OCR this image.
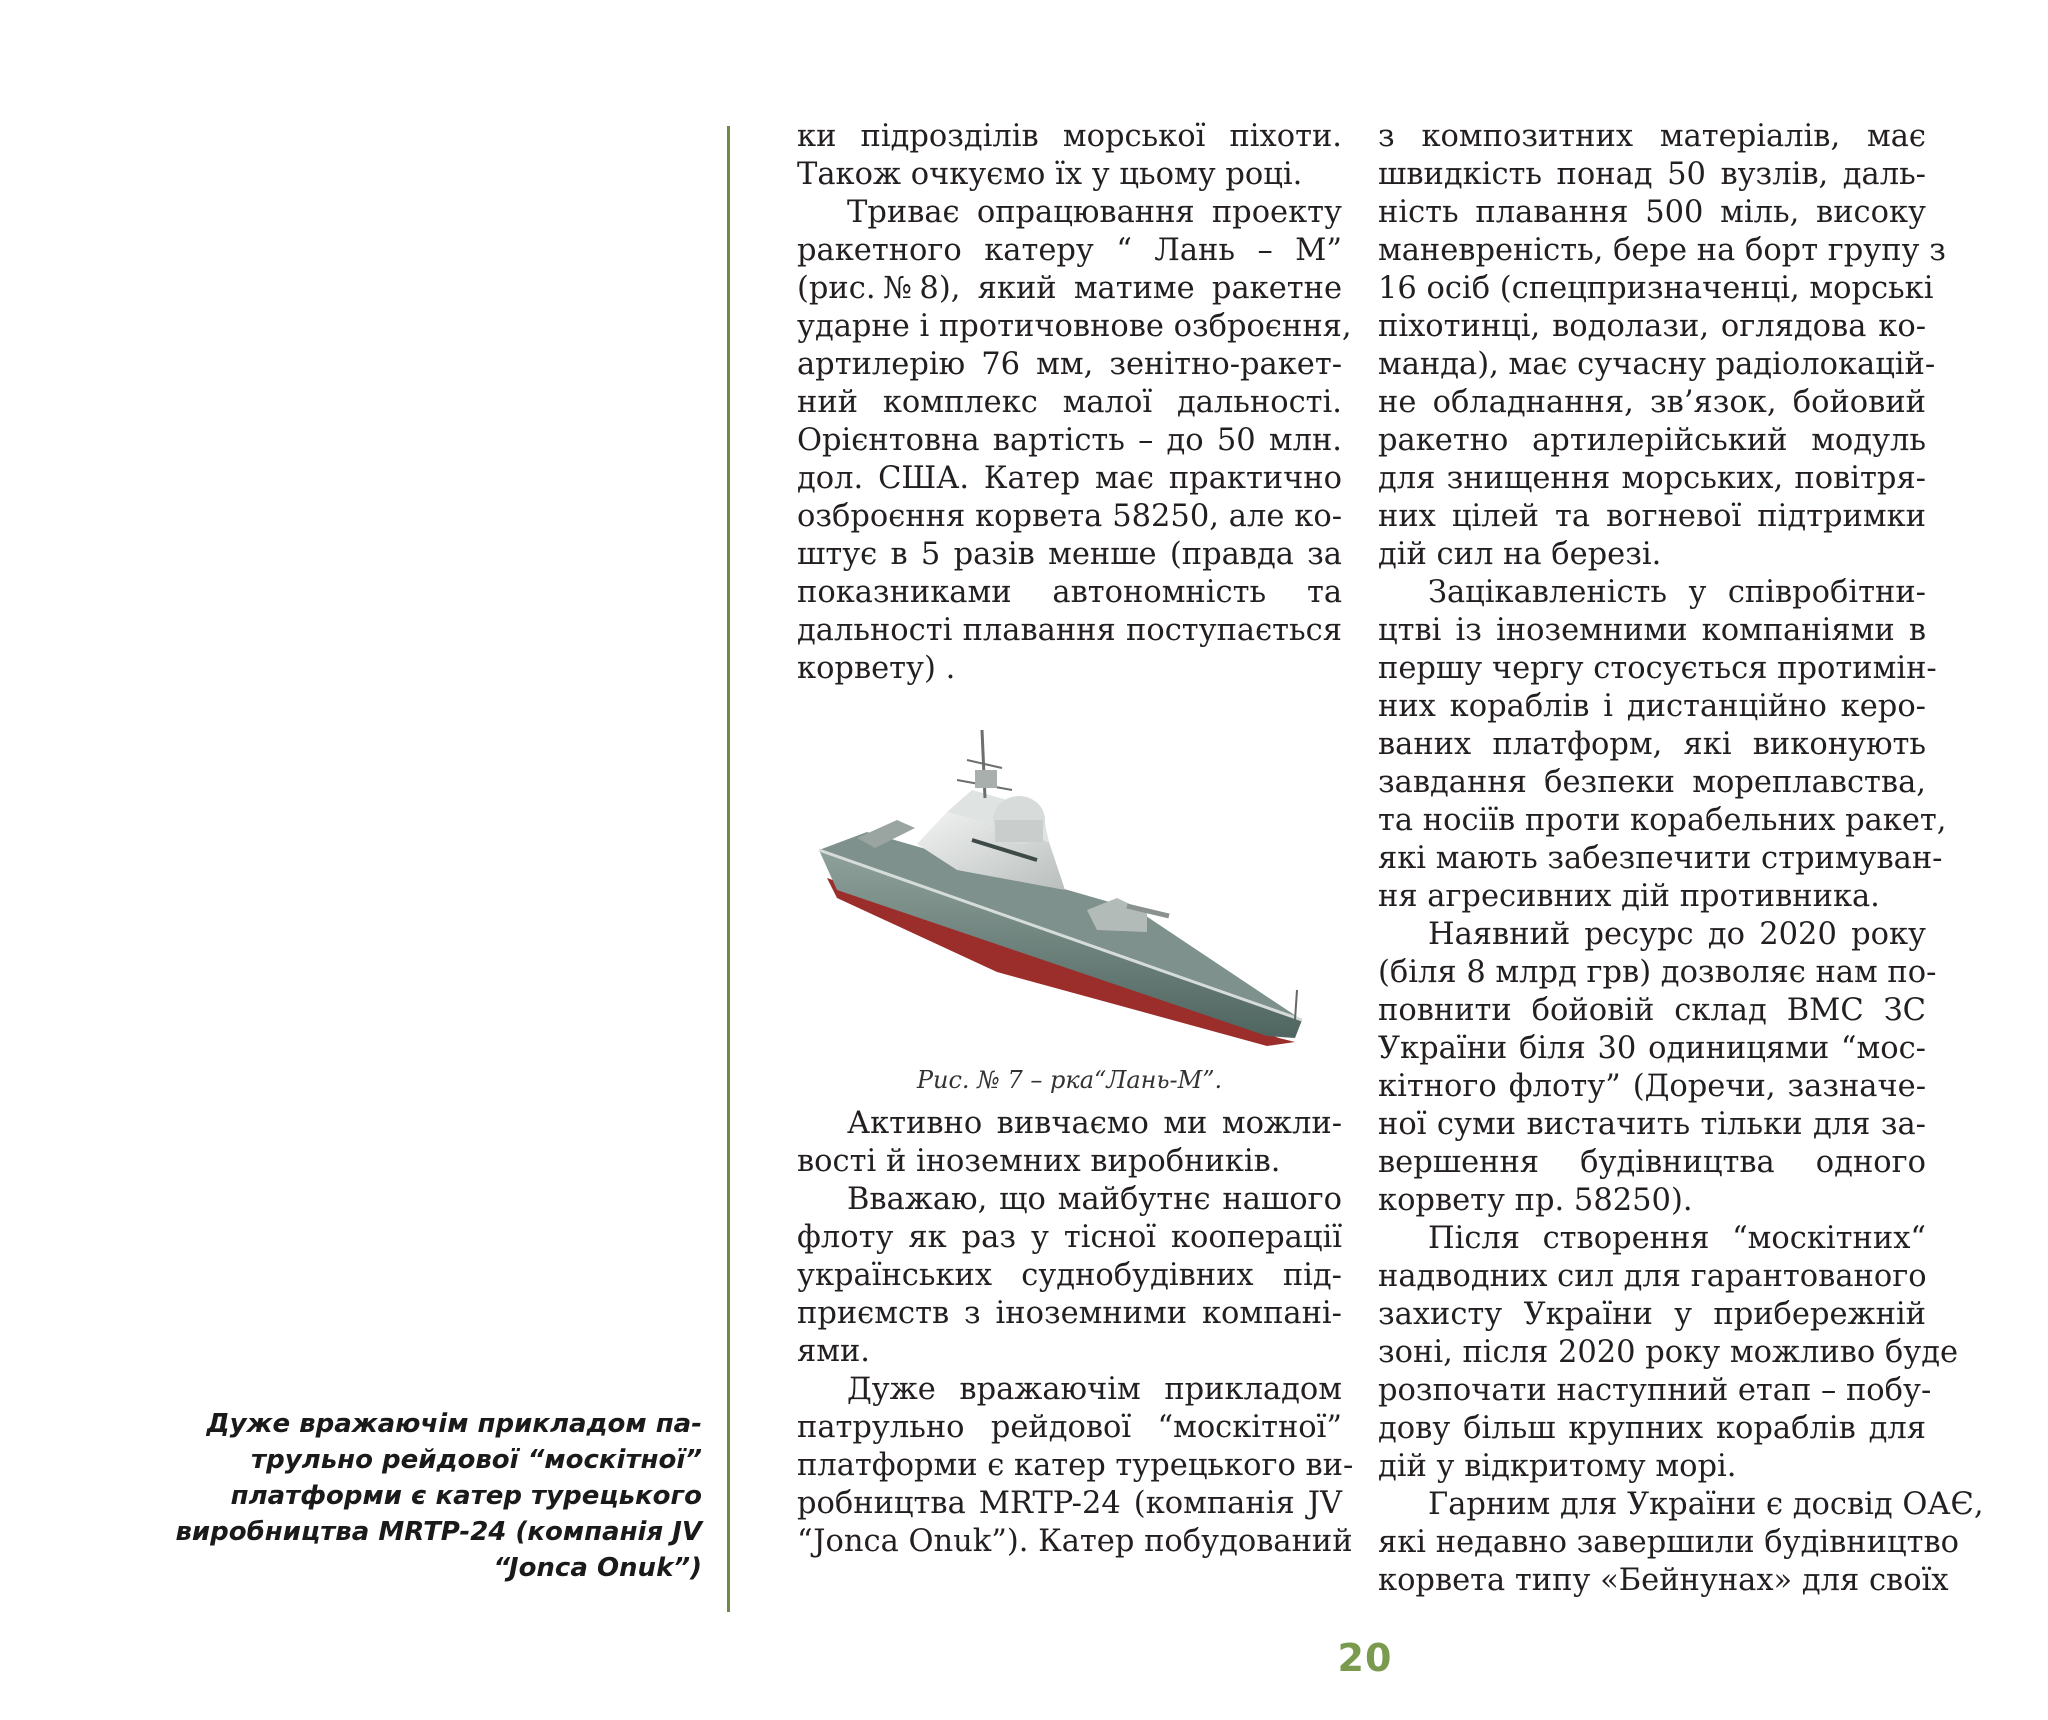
Дуже вражаючім прикладом па-
трульно рейдової “москітної”
платформи є катер турецького
виробництва MRTP-24 (компанія JV
“Jonca Onuk”)
ки підрозділів морської піхоти.
Також очкуємо їх у цьому році.
Триває опрацювання проекту
ракетного катеру “ Лань – М”
(рис.№8), який матиме ракетне
ударне і протичовнове озброєння,
артилерію 76 мм, зенітно-ракет-
ний комплекс малої дальності.
Орієнтовна вартість – до 50 млн.
дол. США. Катер має практично
озброєння корвета 58250, але ко-
штує в 5 разів менше (правда за
показниками автономність та
дальності плавання поступається
корвету) .
Рис. № 7 – рка“Лань-М”.
Активно вивчаємо ми можли-
вості й іноземних виробників.
Вважаю, що майбутнє нашого
флоту як раз у тісної кооперації
українських суднобудівних під-
приємств з іноземними компані-
ями.
Дуже вражаючім прикладом
патрульно рейдової “москітної”
платформи є катер турецького ви-
робництва MRTP-24 (компанія JV
“Jonca Onuk”). Катер побудований
з композитних матеріалів, має
швидкість понад 50 вузлів, даль-
ність плавання 500 міль, високу
маневреність, бере на борт групу з
16 осіб (спецпризначенці, морські
піхотинці, водолази, оглядова ко-
манда), має сучасну радіолокацій-
не обладнання, зв’язок, бойовий
ракетно артилерійський модуль
для знищення морських, повітря-
них цілей та вогневої підтримки
дій сил на березі.
Зацікавленість у співробітни-
цтві із іноземними компаніями в
першу чергу стосується протимін-
них кораблів і дистанційно керо-
ваних платформ, які виконують
завдання безпеки мореплавства,
та носіїв проти корабельних ракет,
які мають забезпечити стримуван-
ня агресивних дій противника.
Наявний ресурс до 2020 року
(біля 8 млрд грв) дозволяє нам по-
повнити бойовій склад ВМС ЗС
України біля 30 одиницями “мос-
кітного флоту” (Доречи, зазначе-
ної суми вистачить тільки для за-
вершення будівництва одного
корвету пр. 58250).
Після створення “москітних“
надводних сил для гарантованого
захисту України у прибережній
зоні, після 2020 року можливо буде
розпочати наступний етап – побу-
дову більш крупних кораблів для
дій у відкритому морі.
Гарним для України є досвід ОАЄ,
які недавно завершили будівництво
корвета типу «Бейнунах» для своїх
20
